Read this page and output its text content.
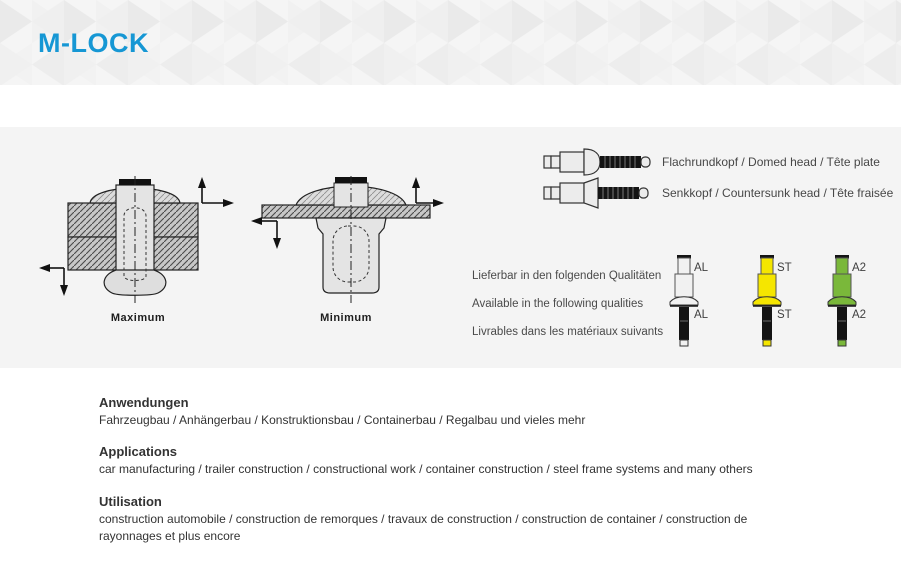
M-LOCK
Maximum	Minimum
Flachrundkopf / Domed head / Tête plate
Senkkopf / Countersunk head / Tête fraisée
Lieferbar in den folgenden Qualitäten
Available in the following qualities
Livrables dans les matériaux suivants
AL
AL
ST
ST
A2
A2
Anwendungen
Fahrzeugbau / Anhängerbau / Konstruktionsbau / Containerbau / Regalbau und vieles mehr
Applications
car manufacturing / trailer construction / constructional work / container construction / steel frame systems and many others
Utilisation
construction automobile / construction de remorques / travaux de construction / construction de container / construction de rayonnages et plus encore
